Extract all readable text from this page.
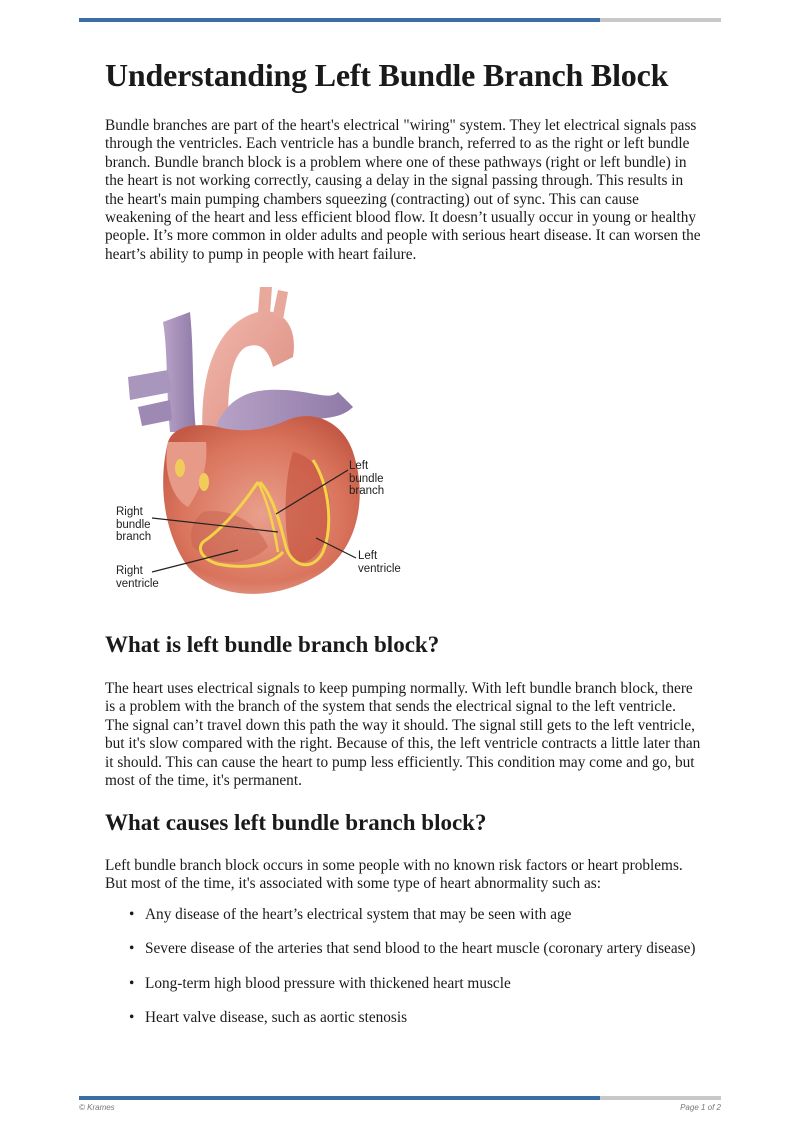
Understanding Left Bundle Branch Block

Bundle branches are part of the heart's electrical "wiring" system. They let electrical signals pass through the ventricles. Each ventricle has a bundle branch, referred to as the right or left bundle branch. Bundle branch block is a problem where one of these pathways (right or left bundle) in the heart is not working correctly, causing a delay in the signal passing through. This results in the heart's main pumping chambers squeezing (contracting) out of sync. This can cause weakening of the heart and less efficient blood flow. It doesn’t usually occur in young or healthy people. It’s more common in older adults and people with serious heart disease. It can worsen the heart’s ability to pump in people with heart failure.

Left
bundle
branch
Right
bundle
branch
Left
ventricle
Right
ventricle
What is left bundle branch block?

The heart uses electrical signals to keep pumping normally. With left bundle branch block, there is a problem with the branch of the system that sends the electrical signal to the left ventricle. The signal can’t travel down this path the way it should. The signal still gets to the left ventricle, but it's slow compared with the right. Because of this, the left ventricle contracts a little later than it should. This can cause the heart to pump less efficiently. This condition may come and go, but most of the time, it's permanent.

What causes left bundle branch block?

Left bundle branch block occurs in some people with no known risk factors or heart problems. But most of the time, it's associated with some type of heart abnormality such as:

• Any disease of the heart’s electrical system that may be seen with age
• Severe disease of the arteries that send blood to the heart muscle (coronary artery disease)
• Long-term high blood pressure with thickened heart muscle
• Heart valve disease, such as aortic stenosis
© Krames	Page 1 of 2
